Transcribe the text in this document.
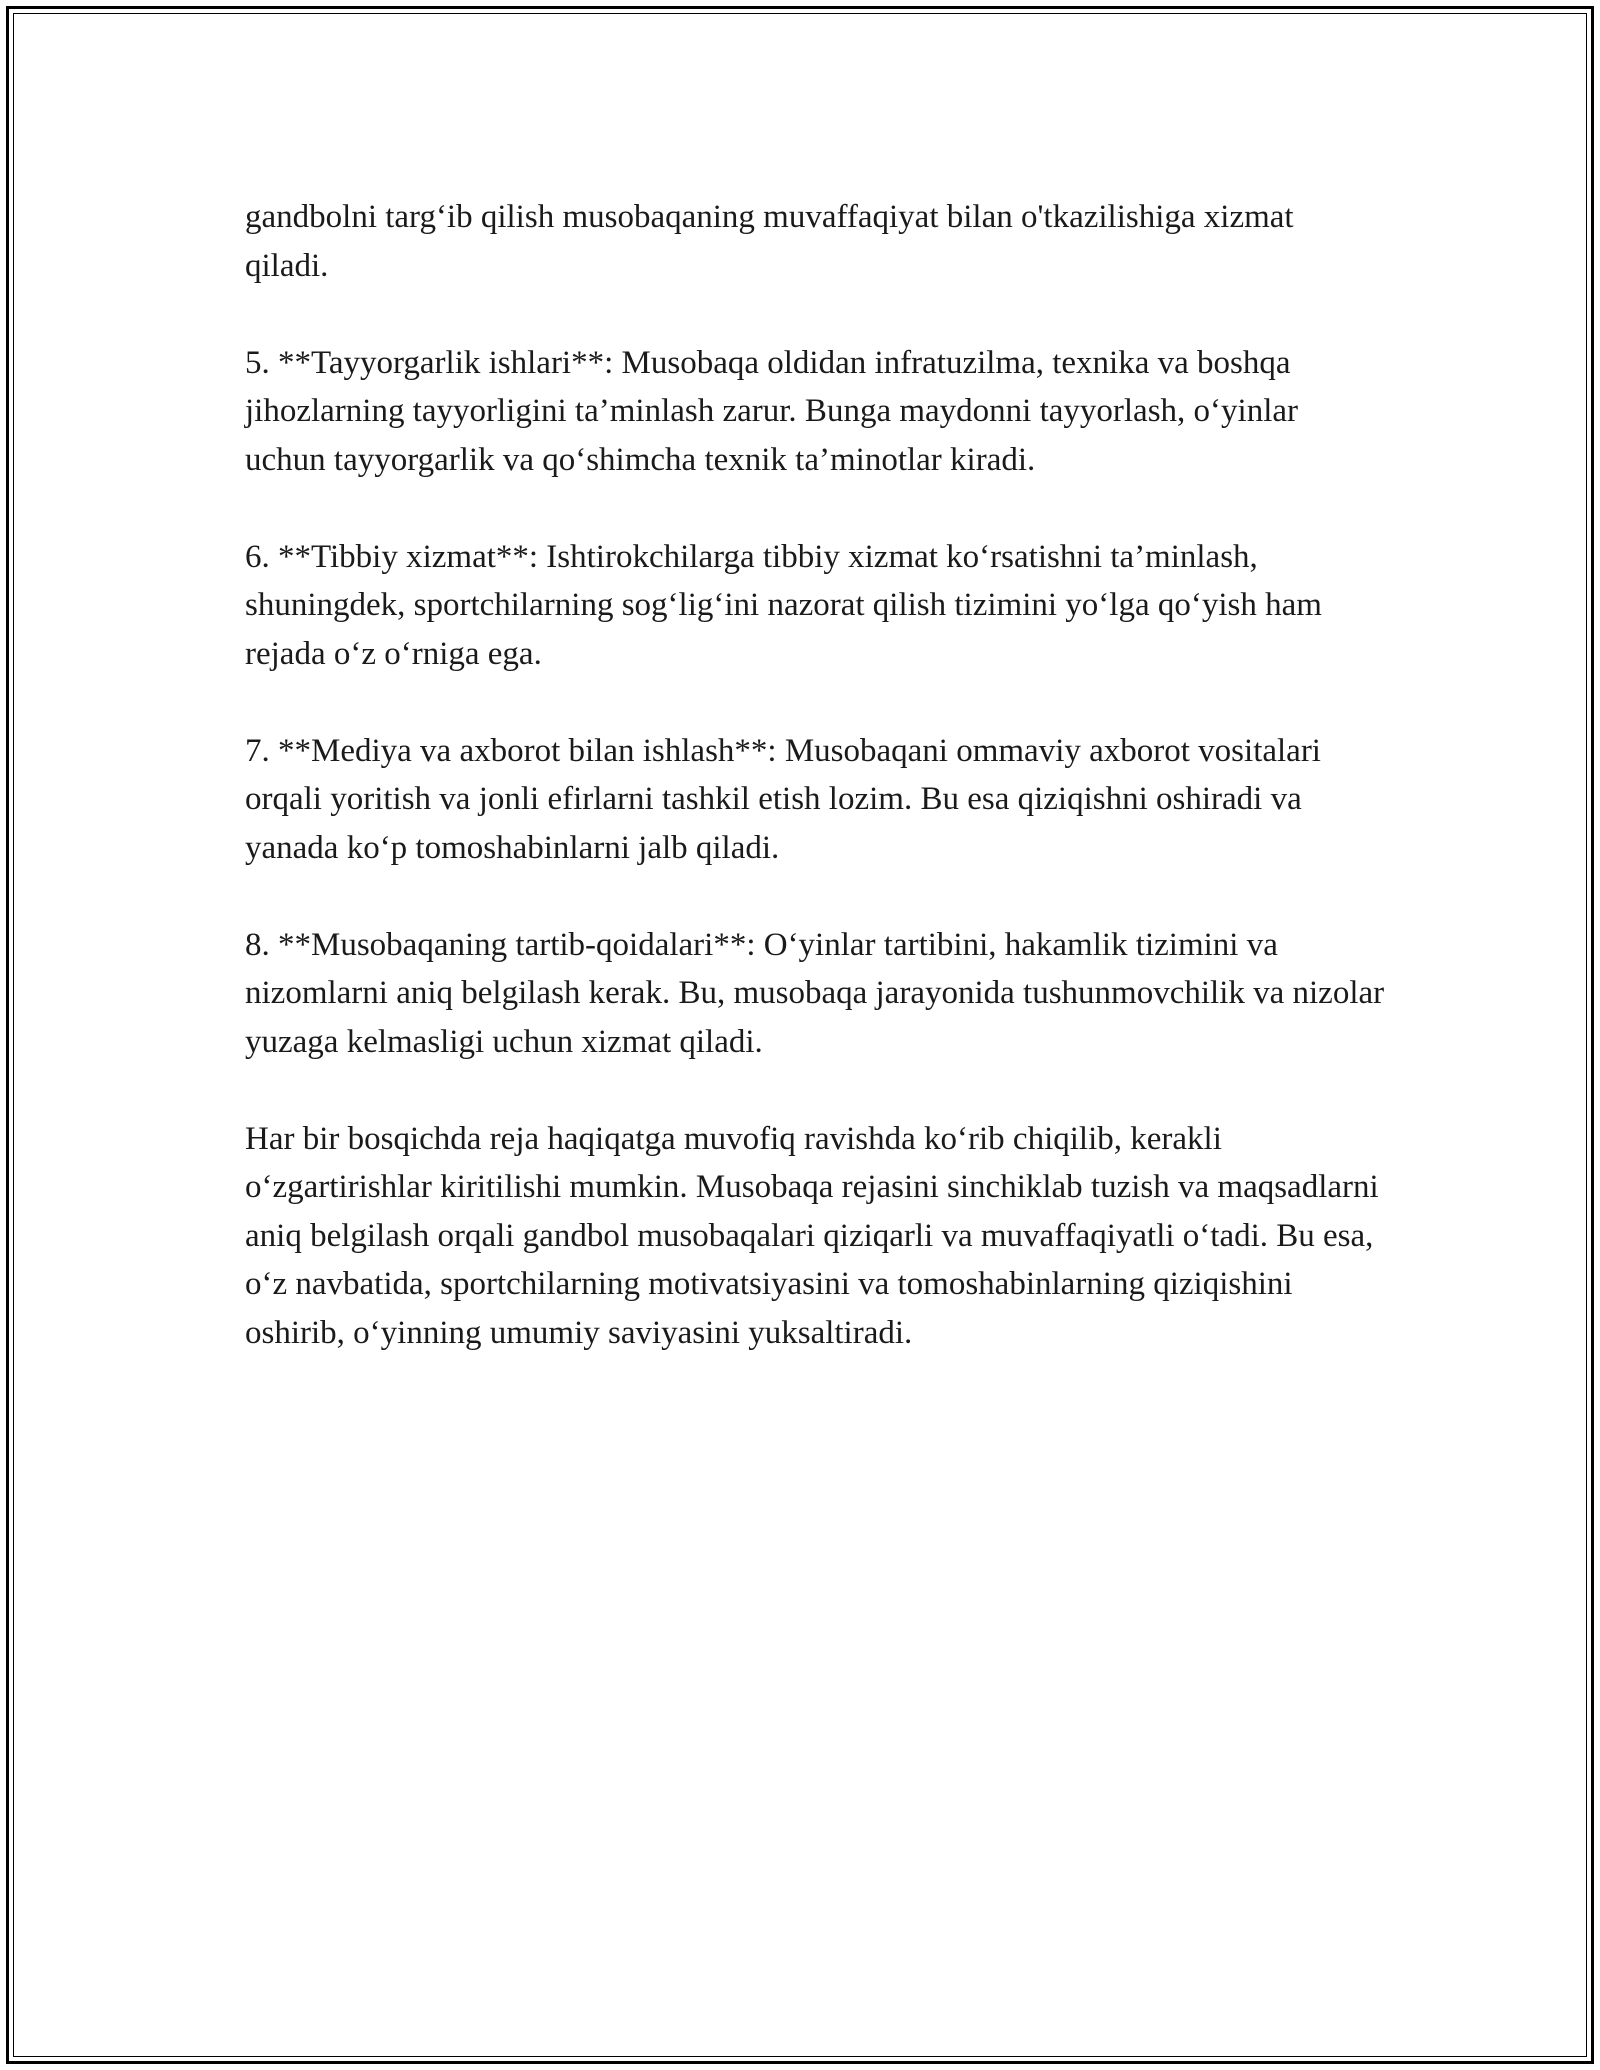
gandbolni targ‘ib qilish musobaqaning muvaffaqiyat bilan o'tkazilishiga xizmat qiladi.

5. **Tayyorgarlik ishlari**: Musobaqa oldidan infratuzilma, texnika va boshqa jihozlarning tayyorligini ta’minlash zarur. Bunga maydonni tayyorlash, o‘yinlar uchun tayyorgarlik va qo‘shimcha texnik ta’minotlar kiradi.

6. **Tibbiy xizmat**: Ishtirokchilarga tibbiy xizmat ko‘rsatishni ta’minlash, shuningdek, sportchilarning sog‘lig‘ini nazorat qilish tizimini yo‘lga qo‘yish ham rejada o‘z o‘rniga ega.

7. **Mediya va axborot bilan ishlash**: Musobaqani ommaviy axborot vositalari orqali yoritish va jonli efirlarni tashkil etish lozim. Bu esa qiziqishni oshiradi va yanada ko‘p tomoshabinlarni jalb qiladi.

8. **Musobaqaning tartib-qoidalari**: O‘yinlar tartibini, hakamlik tizimini va nizomlarni aniq belgilash kerak. Bu, musobaqa jarayonida tushunmovchilik va nizolar yuzaga kelmasligi uchun xizmat qiladi.

Har bir bosqichda reja haqiqatga muvofiq ravishda ko‘rib chiqilib, kerakli o‘zgartirishlar kiritilishi mumkin. Musobaqa rejasini sinchiklab tuzish va maqsadlarni aniq belgilash orqali gandbol musobaqalari qiziqarli va muvaffaqiyatli o‘tadi. Bu esa, o‘z navbatida, sportchilarning motivatsiyasini va tomoshabinlarning qiziqishini oshirib, o‘yinning umumiy saviyasini yuksaltiradi.
